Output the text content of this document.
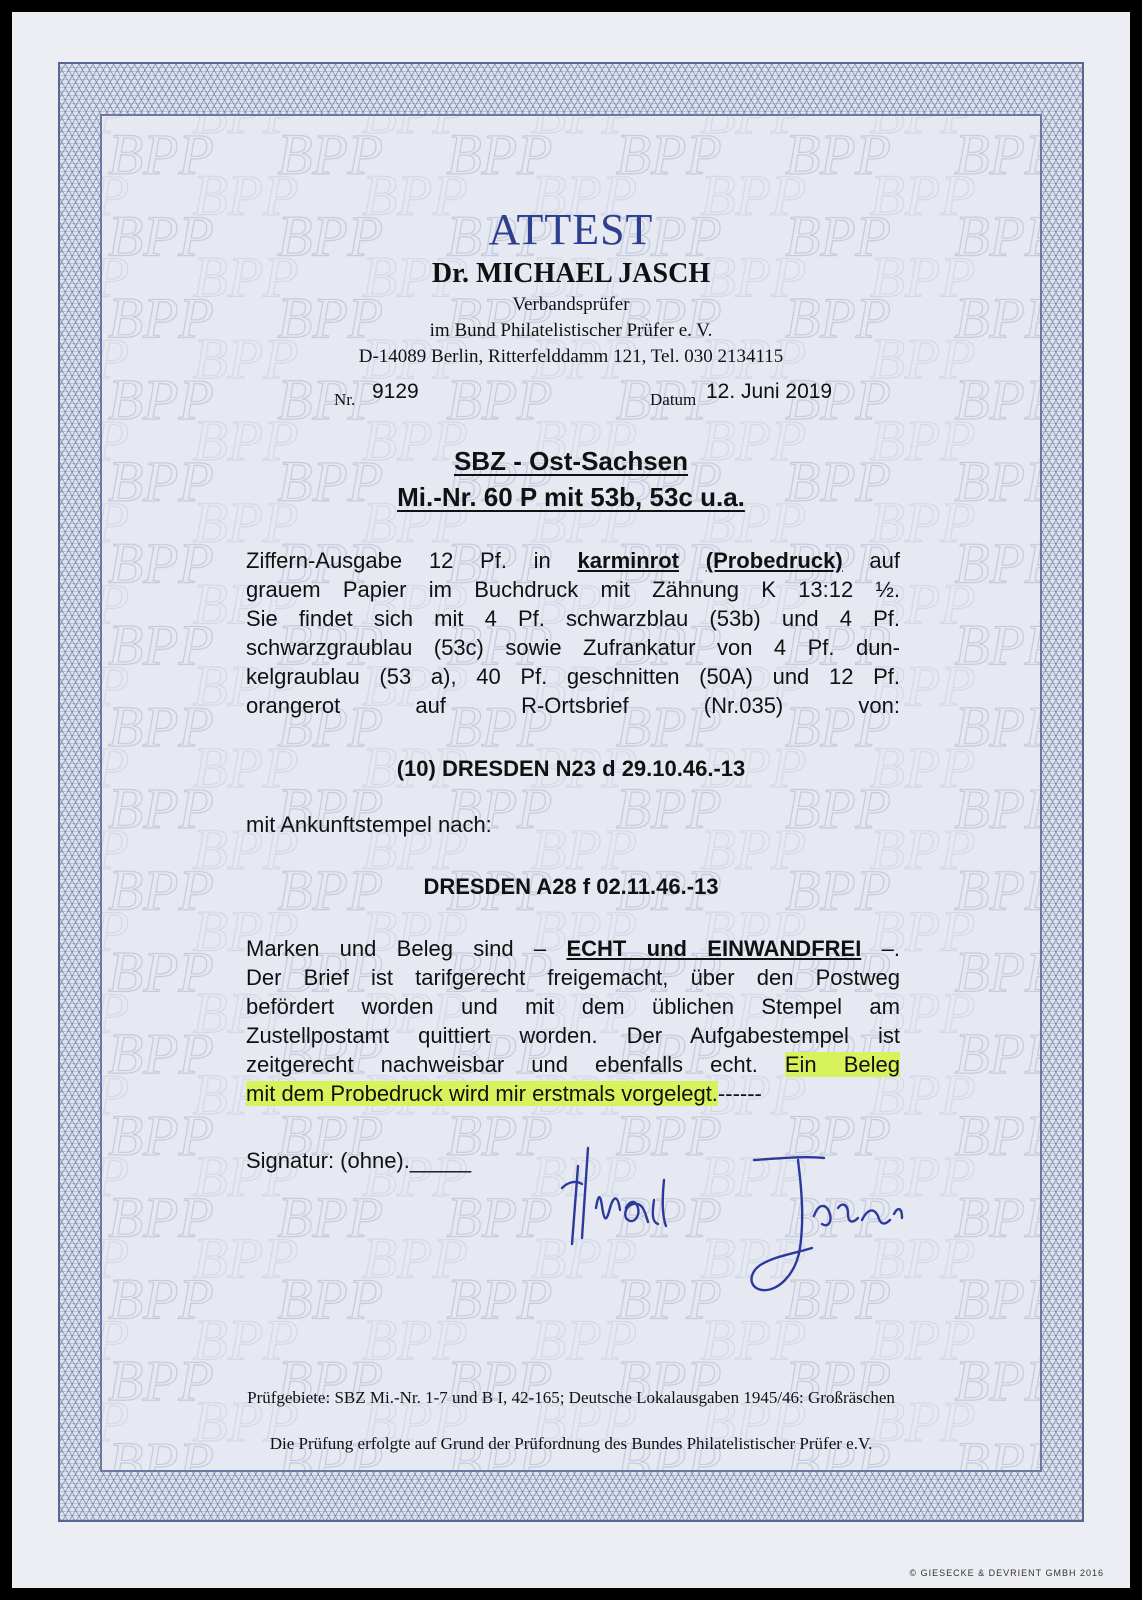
ATTEST
Dr. MICHAEL JASCH
Verbandsprüfer
im Bund Philatelistischer Prüfer e. V.
D-14089 Berlin, Ritterfelddamm 121, Tel. 030 2134115
Nr. 9129	Datum 12. Juni 2019
SBZ - Ost-Sachsen
Mi.-Nr. 60 P mit 53b, 53c u.a.
Ziffern-Ausgabe 12 Pf. in karminrot (Probedruck) auf
grauem Papier im Buchdruck mit Zähnung K 13:12 ½.
Sie findet sich mit 4 Pf. schwarzblau (53b) und 4 Pf.
schwarzgraublau (53c) sowie Zufrankatur von 4 Pf. dun-
kelgraublau (53 a), 40 Pf. geschnitten (50A) und 12 Pf.
orangerot auf R-Ortsbrief (Nr.035) von:
(10) DRESDEN N23 d 29.10.46.-13
mit Ankunftstempel nach:
DRESDEN A28 f 02.11.46.-13
Marken und Beleg sind – ECHT und EINWANDFREI –.
Der Brief ist tarifgerecht freigemacht, über den Postweg
befördert worden und mit dem üblichen Stempel am
Zustellpostamt quittiert worden. Der Aufgabestempel ist
zeitgerecht nachweisbar und ebenfalls echt. Ein Beleg
mit dem Probedruck wird mir erstmals vorgelegt.------
Signatur: (ohne)._____
Prüfgebiete: SBZ Mi.-Nr. 1-7 und B I, 42-165; Deutsche Lokalausgaben 1945/46: Großräschen
Die Prüfung erfolgte auf Grund der Prüfordnung des Bundes Philatelistischer Prüfer e.V.
© GIESECKE & DEVRIENT GMBH 2016
